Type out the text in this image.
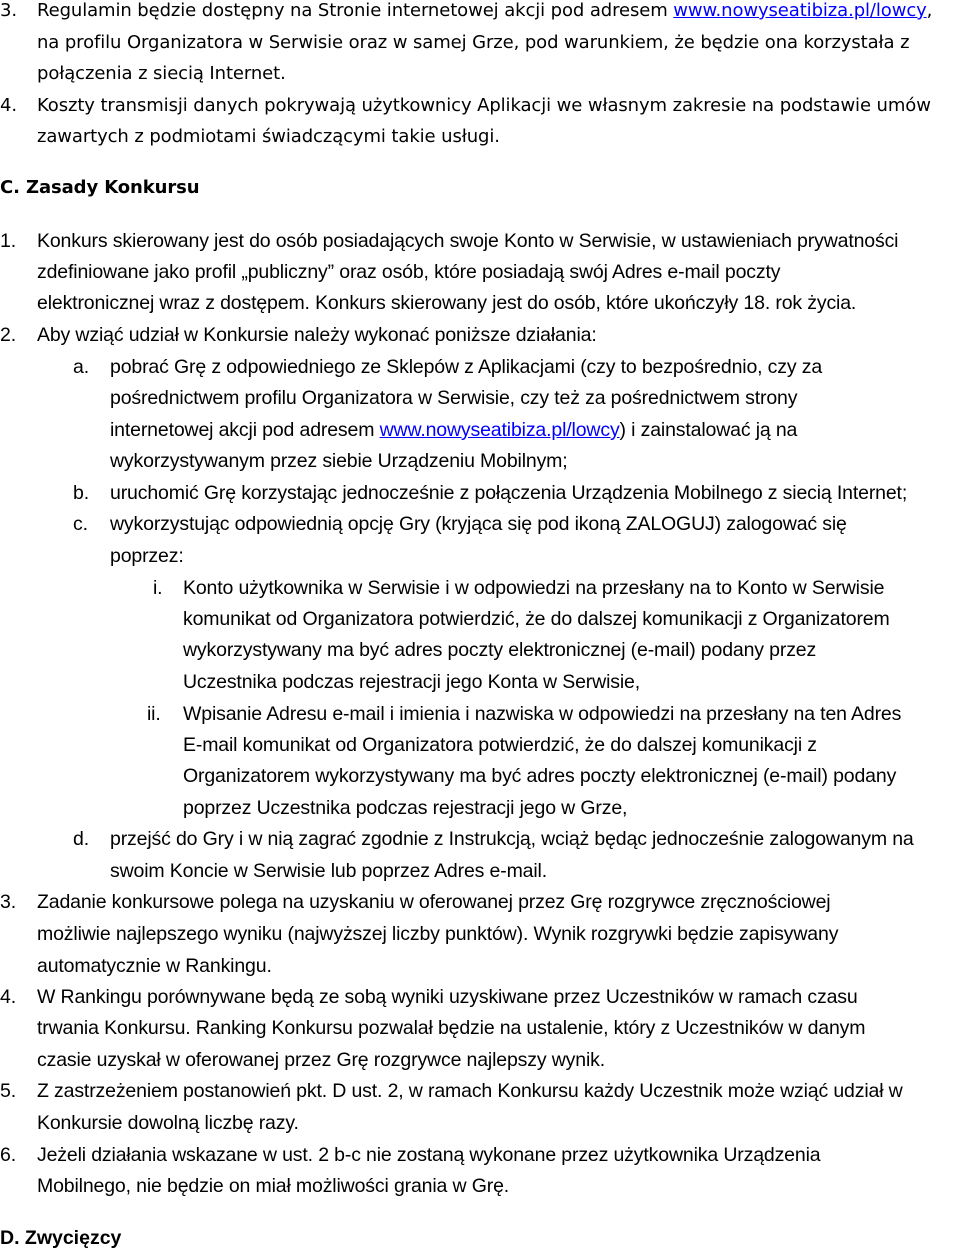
3. Regulamin będzie dostępny na Stronie internetowej akcji pod adresem www.nowyseatibiza.pl/lowcy,
na profilu Organizatora w Serwisie oraz w samej Grze, pod warunkiem, że będzie ona korzystała z
połączenia z siecią Internet.
4. Koszty transmisji danych pokrywają użytkownicy Aplikacji we własnym zakresie na podstawie umów
zawartych z podmiotami świadczącymi takie usługi.
C. Zasady Konkursu
1. Konkurs skierowany jest do osób posiadających swoje Konto w Serwisie, w ustawieniach prywatności
zdefiniowane jako profil „publiczny” oraz osób, które posiadają swój Adres e-mail poczty
elektronicznej wraz z dostępem. Konkurs skierowany jest do osób, które ukończyły 18. rok życia.
2. Aby wziąć udział w Konkursie należy wykonać poniższe działania:
a. pobrać Grę z odpowiedniego ze Sklepów z Aplikacjami (czy to bezpośrednio, czy za
pośrednictwem profilu Organizatora w Serwisie, czy też za pośrednictwem strony
internetowej akcji pod adresem www.nowyseatibiza.pl/lowcy) i zainstalować ją na
wykorzystywanym przez siebie Urządzeniu Mobilnym;
b. uruchomić Grę korzystając jednocześnie z połączenia Urządzenia Mobilnego z siecią Internet;
c. wykorzystując odpowiednią opcję Gry (kryjąca się pod ikoną ZALOGUJ) zalogować się
poprzez:
i. Konto użytkownika w Serwisie i w odpowiedzi na przesłany na to Konto w Serwisie
komunikat od Organizatora potwierdzić, że do dalszej komunikacji z Organizatorem
wykorzystywany ma być adres poczty elektronicznej (e-mail) podany przez
Uczestnika podczas rejestracji jego Konta w Serwisie,
ii. Wpisanie Adresu e-mail i imienia i nazwiska w odpowiedzi na przesłany na ten Adres
E-mail komunikat od Organizatora potwierdzić, że do dalszej komunikacji z
Organizatorem wykorzystywany ma być adres poczty elektronicznej (e-mail) podany
poprzez Uczestnika podczas rejestracji jego w Grze,
d. przejść do Gry i w nią zagrać zgodnie z Instrukcją, wciąż będąc jednocześnie zalogowanym na
swoim Koncie w Serwisie lub poprzez Adres e-mail.
3. Zadanie konkursowe polega na uzyskaniu w oferowanej przez Grę rozgrywce zręcznościowej
możliwie najlepszego wyniku (najwyższej liczby punktów). Wynik rozgrywki będzie zapisywany
automatycznie w Rankingu.
4. W Rankingu porównywane będą ze sobą wyniki uzyskiwane przez Uczestników w ramach czasu
trwania Konkursu. Ranking Konkursu pozwalał będzie na ustalenie, który z Uczestników w danym
czasie uzyskał w oferowanej przez Grę rozgrywce najlepszy wynik.
5. Z zastrzeżeniem postanowień pkt. D ust. 2, w ramach Konkursu każdy Uczestnik może wziąć udział w
Konkursie dowolną liczbę razy.
6. Jeżeli działania wskazane w ust. 2 b-c nie zostaną wykonane przez użytkownika Urządzenia
Mobilnego, nie będzie on miał możliwości grania w Grę.
D. Zwycięzcy
